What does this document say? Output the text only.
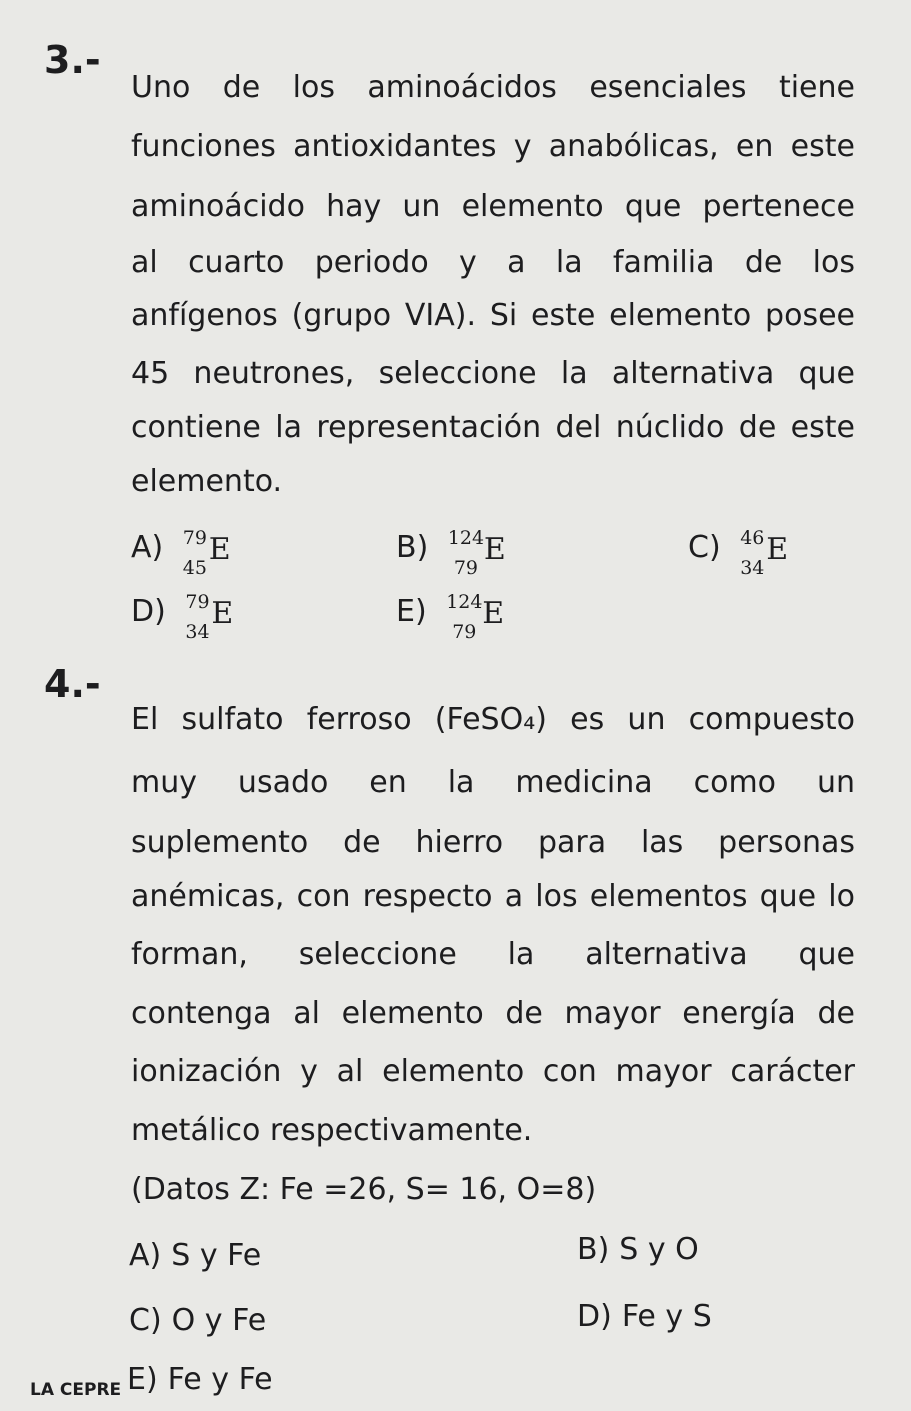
3.-
Uno de los aminoácidos esenciales tiene
funciones antioxidantes y anabólicas, en este
aminoácido hay un elemento que pertenece
al cuarto periodo y a la familia de los
anfígenos (grupo VIA). Si este elemento posee
45 neutrones, seleccione la alternativa que
contiene la representación del núclido de este
elemento.
A) 79
45
E	B) 124
79
E	C) 46
34
E
D) 79
34
E	E) 124
79
E
4.-
El sulfato ferroso (FeSO₄) es un compuesto
muy usado en la medicina como un
suplemento de hierro para las personas
anémicas, con respecto a los elementos que lo
forman, seleccione la alternativa que
contenga al elemento de mayor energía de
ionización y al elemento con mayor carácter
metálico respectivamente.
(Datos Z: Fe =26, S= 16, O=8)
A) S y Fe	B) S y O
C) O y Fe	D) Fe y S
E) Fe y Fe
LA CEPRE
